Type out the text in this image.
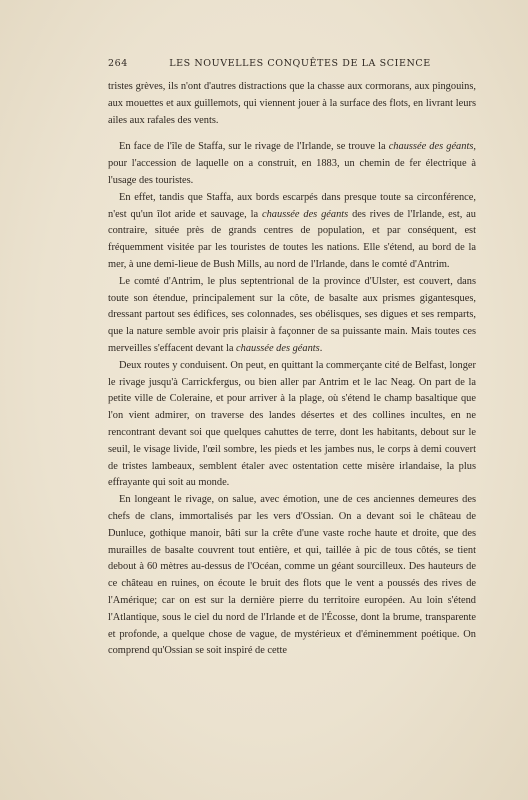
264	LES NOUVELLES CONQUÊTES DE LA SCIENCE

tristes grèves, ils n'ont d'autres distractions que la chasse aux cormorans, aux pingouins, aux mouettes et aux guillemots, qui viennent jouer à la surface des flots, en livrant leurs ailes aux rafales des vents.

En face de l'île de Staffa, sur le rivage de l'Irlande, se trouve la chaussée des géants, pour l'accession de laquelle on a construit, en 1883, un chemin de fer électrique à l'usage des touristes.

En effet, tandis que Staffa, aux bords escarpés dans presque toute sa circonférence, n'est qu'un îlot aride et sauvage, la chaussée des géants des rives de l'Irlande, est, au contraire, située près de grands centres de population, et par conséquent, est fréquemment visitée par les touristes de toutes les nations. Elle s'étend, au bord de la mer, à une demi-lieue de Bush Mills, au nord de l'Irlande, dans le comté d'Antrim.

Le comté d'Antrim, le plus septentrional de la province d'Ulster, est couvert, dans toute son étendue, principalement sur la côte, de basalte aux prismes gigantesques, dressant partout ses édifices, ses colonnades, ses obélisques, ses digues et ses remparts, que la nature semble avoir pris plaisir à façonner de sa puissante main. Mais toutes ces merveilles s'effacent devant la chaussée des géants.

Deux routes y conduisent. On peut, en quittant la commerçante cité de Belfast, longer le rivage jusqu'à Carrickfergus, ou bien aller par Antrim et le lac Neag. On part de la petite ville de Coleraine, et pour arriver à la plage, où s'étend le champ basaltique que l'on vient admirer, on traverse des landes désertes et des collines incultes, en ne rencontrant devant soi que quelques cahuttes de terre, dont les habitants, debout sur le seuil, le visage livide, l'œil sombre, les pieds et les jambes nus, le corps à demi couvert de tristes lambeaux, semblent étaler avec ostentation cette misère irlandaise, la plus effrayante qui soit au monde.

En longeant le rivage, on salue, avec émotion, une de ces anciennes demeures des chefs de clans, immortalisés par les vers d'Ossian. On a devant soi le château de Dunluce, gothique manoir, bâti sur la crête d'une vaste roche haute et droite, que des murailles de basalte couvrent tout entière, et qui, taillée à pic de tous côtés, se tient debout à 60 mètres au-dessus de l'Océan, comme un géant sourcilleux. Des hauteurs de ce château en ruines, on écoute le bruit des flots que le vent a poussés des rives de l'Amérique; car on est sur la dernière pierre du territoire européen. Au loin s'étend l'Atlantique, sous le ciel du nord de l'Irlande et de l'Écosse, dont la brume, transparente et profonde, a quelque chose de vague, de mystérieux et d'éminemment poétique. On comprend qu'Ossian se soit inspiré de cette
